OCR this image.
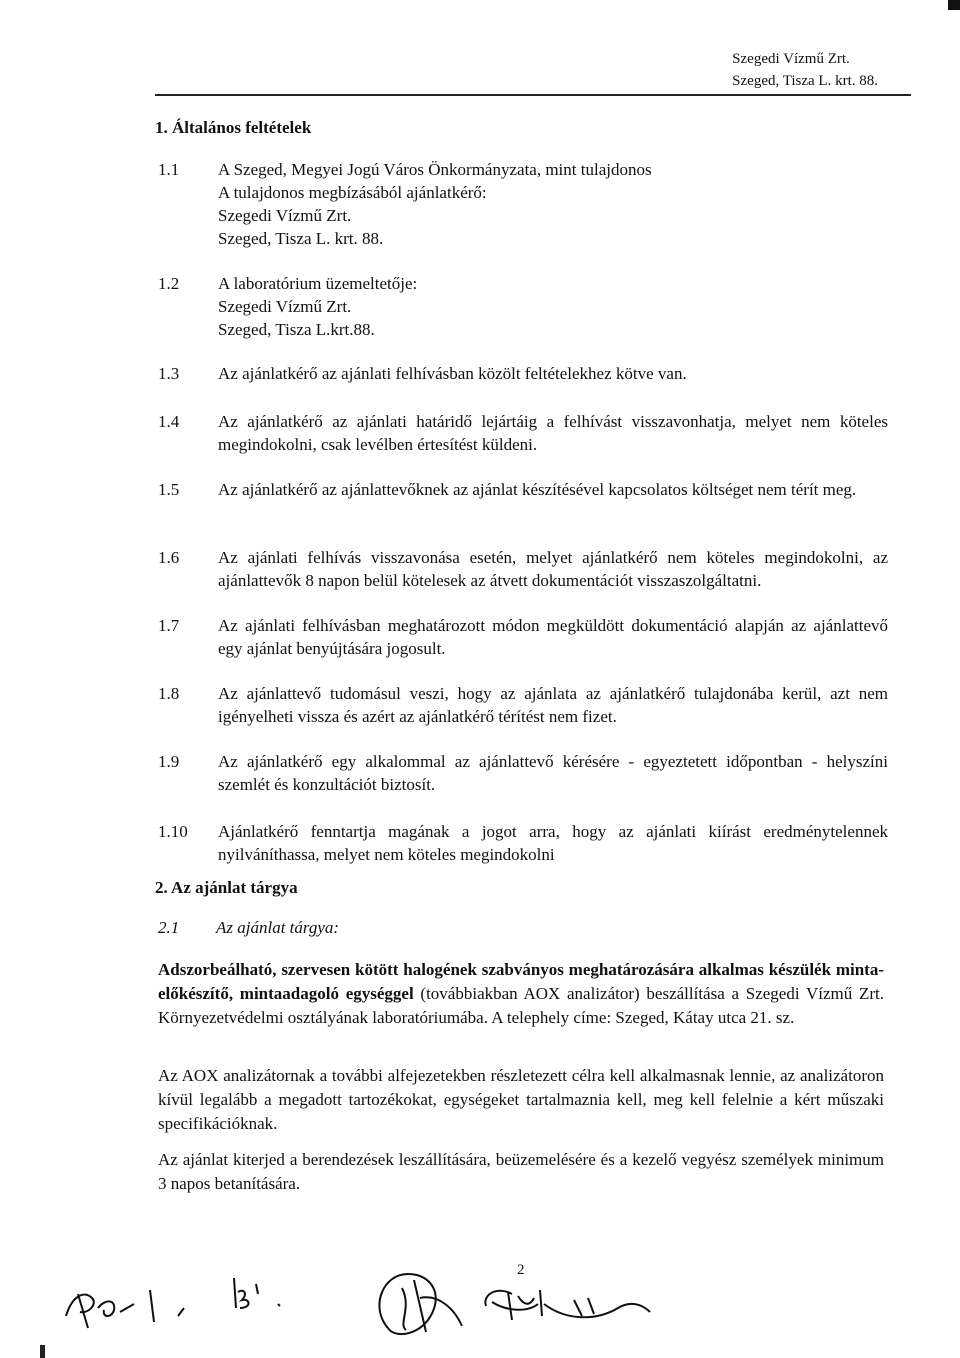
Szegedi Vízmű Zrt.
Szeged, Tisza L. krt. 88.
1. Általános feltételek
1.1	A Szeged, Megyei Jogú Város Önkormányzata, mint tulajdonos
A tulajdonos megbízásából ajánlatkérő:
Szegedi Vízmű Zrt.
Szeged, Tisza L. krt. 88.
1.2	A laboratórium üzemeltetője:
Szegedi Vízmű Zrt.
Szeged, Tisza L.krt.88.
1.3	Az ajánlatkérő az ajánlati felhívásban közölt feltételekhez kötve van.
1.4	Az ajánlatkérő az ajánlati határidő lejártáig a felhívást visszavonhatja, melyet nem köteles megindokolni, csak levélben értesítést küldeni.
1.5	Az ajánlatkérő az ajánlattevőknek az ajánlat készítésével kapcsolatos költséget nem térít meg.
1.6	Az ajánlati felhívás visszavonása esetén, melyet ajánlatkérő nem köteles megindokolni, az ajánlattevők 8 napon belül kötelesek az átvett dokumentációt visszaszolgáltatni.
1.7	Az ajánlati felhívásban meghatározott módon megküldött dokumentáció alapján az ajánlattevő egy ajánlat benyújtására jogosult.
1.8	Az ajánlattevő tudomásul veszi, hogy az ajánlata az ajánlatkérő tulajdonába kerül, azt nem igényelheti vissza és azért az ajánlatkérő térítést nem fizet.
1.9	Az ajánlatkérő egy alkalommal az ajánlattevő kérésére - egyeztetett időpontban - helyszíni szemlét és konzultációt biztosít.
1.10	Ajánlatkérő fenntartja magának a jogot arra, hogy az ajánlati kiírást eredménytelennek nyilváníthassa, melyet nem köteles megindokolni
2. Az ajánlat tárgya
2.1 Az ajánlat tárgya:
Adszorbeálható, szervesen kötött halogének szabványos meghatározására alkalmas készülék minta-előkészítő, mintaadagoló egységgel (továbbiakban AOX analizátor) beszállítása a Szegedi Vízmű Zrt. Környezetvédelmi osztályának laboratóriumába. A telephely címe: Szeged, Kátay utca 21. sz.
Az AOX analizátornak a további alfejezetekben részletezett célra kell alkalmasnak lennie, az analizátoron kívül legalább a megadott tartozékokat, egységeket tartalmaznia kell, meg kell felelnie a kért műszaki specifikációknak.
Az ajánlat kiterjed a berendezések leszállítására, beüzemelésére és a kezelő vegyész személyek minimum 3 napos betanítására.
2
